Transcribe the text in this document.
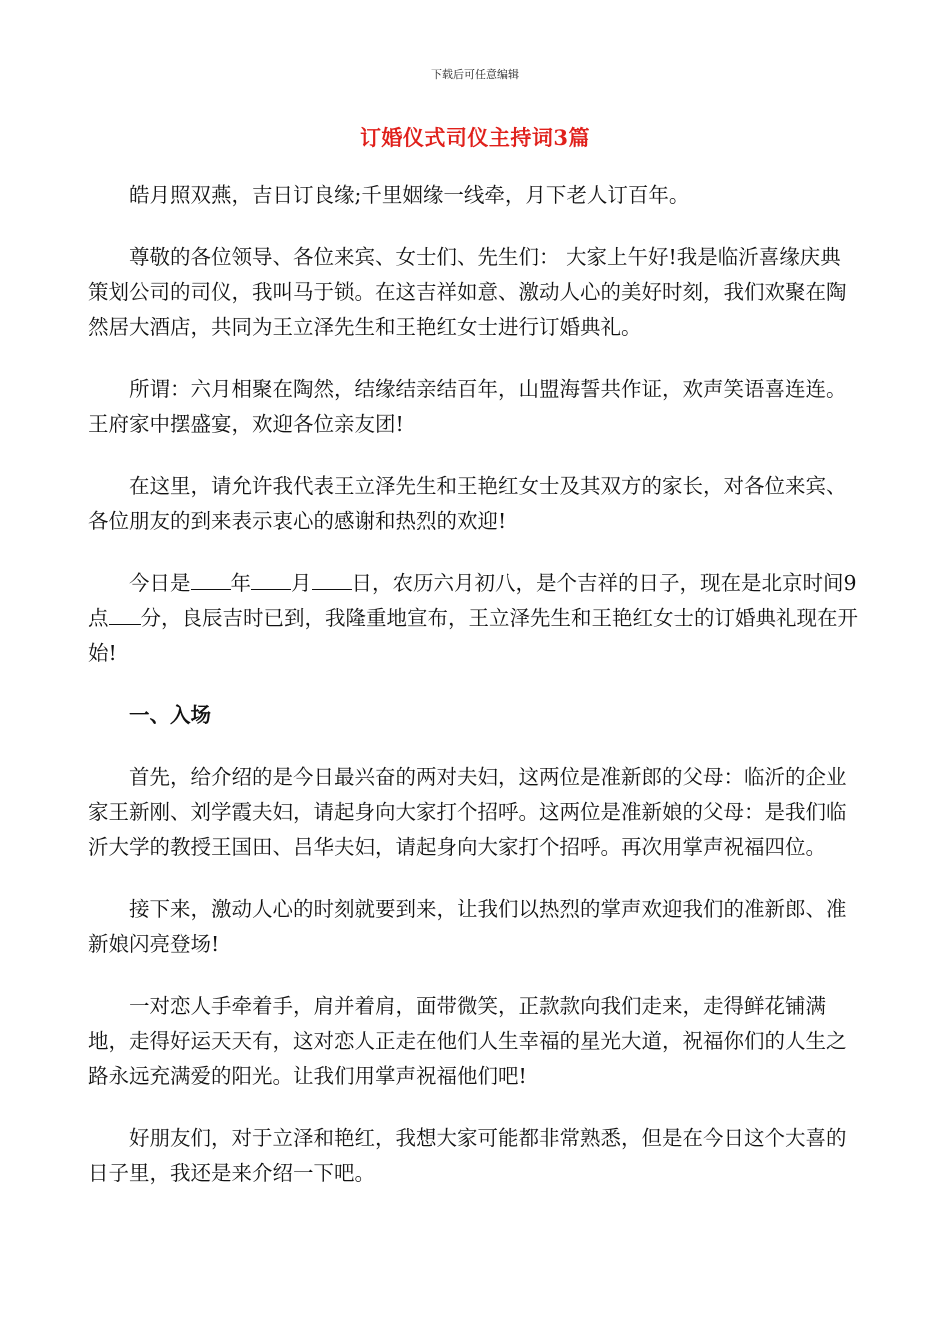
下载后可任意编辑
订婚仪式司仪主持词3篇

皓月照双燕，吉日订良缘;千里姻缘一线牵，月下老人订百年。

尊敬的各位领导、各位来宾、女士们、先生们： 大家上午好!我是临沂喜缘庆典策划公司的司仪，我叫马于锁。在这吉祥如意、激动人心的美好时刻，我们欢聚在陶然居大酒店，共同为王立泽先生和王艳红女士进行订婚典礼。

所谓：六月相聚在陶然，结缘结亲结百年，山盟海誓共作证，欢声笑语喜连连。王府家中摆盛宴，欢迎各位亲友团!

在这里，请允许我代表王立泽先生和王艳红女士及其双方的家长，对各位来宾、各位朋友的到来表示衷心的感谢和热烈的欢迎!

今日是 年 月 日，农历六月初八，是个吉祥的日子，现在是北京时间9点 分，良辰吉时已到，我隆重地宣布，王立泽先生和王艳红女士的订婚典礼现在开始!

一、入场

首先，给介绍的是今日最兴奋的两对夫妇，这两位是准新郎的父母：临沂的企业家王新刚、刘学霞夫妇，请起身向大家打个招呼。这两位是准新娘的父母：是我们临沂大学的教授王国田、吕华夫妇，请起身向大家打个招呼。再次用掌声祝福四位。

接下来，激动人心的时刻就要到来，让我们以热烈的掌声欢迎我们的准新郎、准新娘闪亮登场!

一对恋人手牵着手，肩并着肩，面带微笑，正款款向我们走来，走得鲜花铺满地，走得好运天天有，这对恋人正走在他们人生幸福的星光大道，祝福你们的人生之路永远充满爱的阳光。让我们用掌声祝福他们吧!

好朋友们，对于立泽和艳红，我想大家可能都非常熟悉，但是在今日这个大喜的日子里，我还是来介绍一下吧。
